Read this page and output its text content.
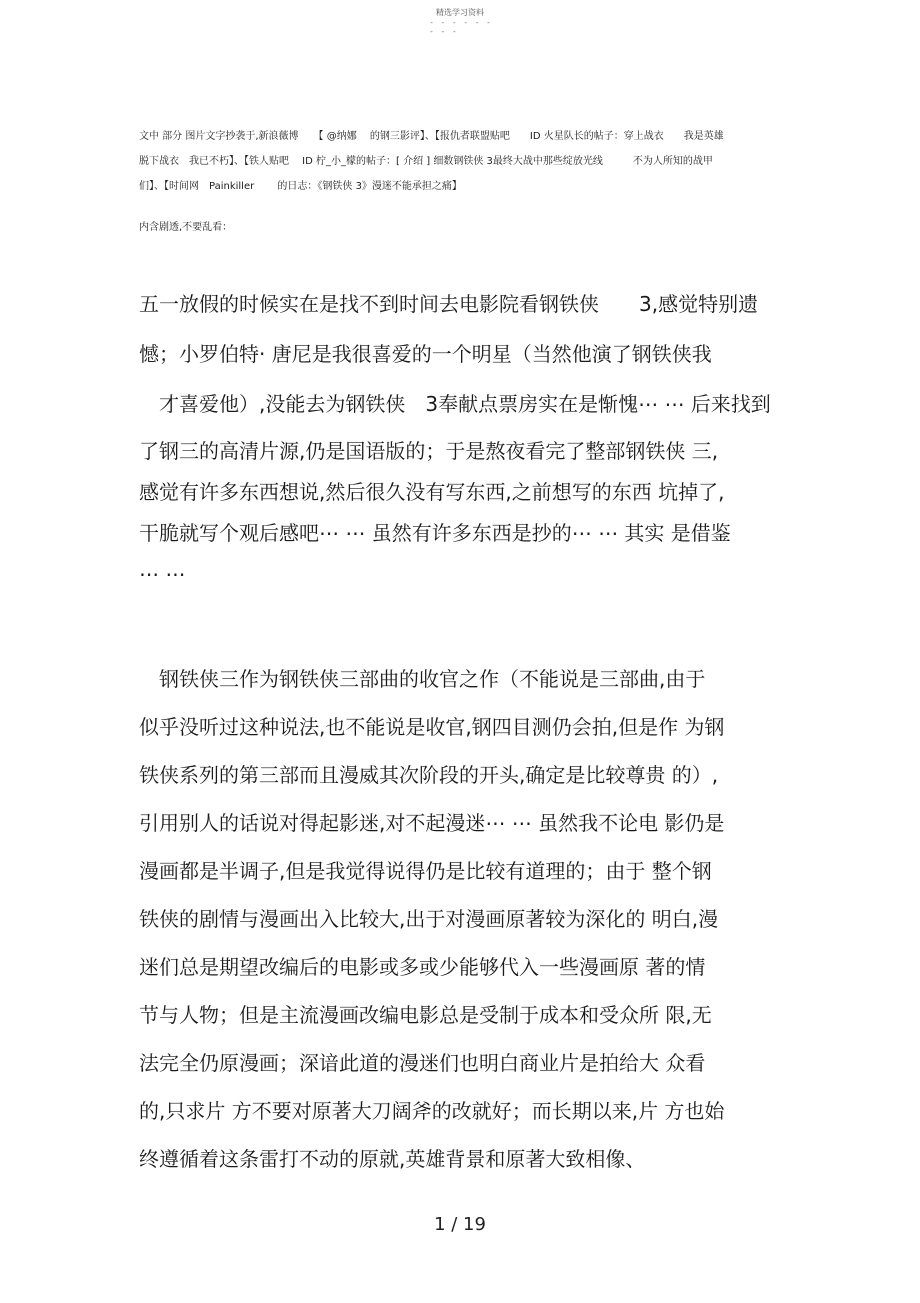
精选学习资料
- - - - - -
- - -
文中 部分 图片文字抄袭于,新浪薇博　　【 @纳娜　 的钢三影评】、【报仇者联盟贴吧　　ID 火星队长的帖子：穿上战衣　　我是英雄
脱下战衣　我已不朽】、【铁人贴吧　 ID 柠_小_檬的帖子：[ 介绍 ] 细数钢铁侠 3最终大战中那些绽放光线　　　不为人所知的战甲
们】、【时间网　Painkiller　　 的日志：《钢铁侠 3》漫迷不能承担之痛】
内含剧透,不要乱看：
五一放假的时候实在是找不到时间去电影院看钢铁侠　　3,感觉特别遗
憾；小罗伯特· 唐尼是我很喜爱的一个明星（当然他演了钢铁侠我
　才喜爱他）,没能去为钢铁侠　3奉献点票房实在是惭愧⋯ ⋯ 后来找到
了钢三的高清片源,仍是国语版的；于是熬夜看完了整部钢铁侠 三,
感觉有许多东西想说,然后很久没有写东西,之前想写的东西 坑掉了,
干脆就写个观后感吧⋯ ⋯ 虽然有许多东西是抄的⋯ ⋯ 其实 是借鉴
⋯ ⋯
　钢铁侠三作为钢铁侠三部曲的收官之作（不能说是三部曲,由于
似乎没听过这种说法,也不能说是收官,钢四目测仍会拍,但是作 为钢
铁侠系列的第三部而且漫威其次阶段的开头,确定是比较尊贵 的）,
引用别人的话说对得起影迷,对不起漫迷⋯ ⋯ 虽然我不论电 影仍是
漫画都是半调子,但是我觉得说得仍是比较有道理的；由于 整个钢
铁侠的剧情与漫画出入比较大,出于对漫画原著较为深化的 明白,漫
迷们总是期望改编后的电影或多或少能够代入一些漫画原 著的情
节与人物；但是主流漫画改编电影总是受制于成本和受众所 限,无
法完全仍原漫画；深谙此道的漫迷们也明白商业片是拍给大 众看
的,只求片 方不要对原著大刀阔斧的改就好；而长期以来,片 方也始
终遵循着这条雷打不动的原就,英雄背景和原著大致相像、
1 / 19
